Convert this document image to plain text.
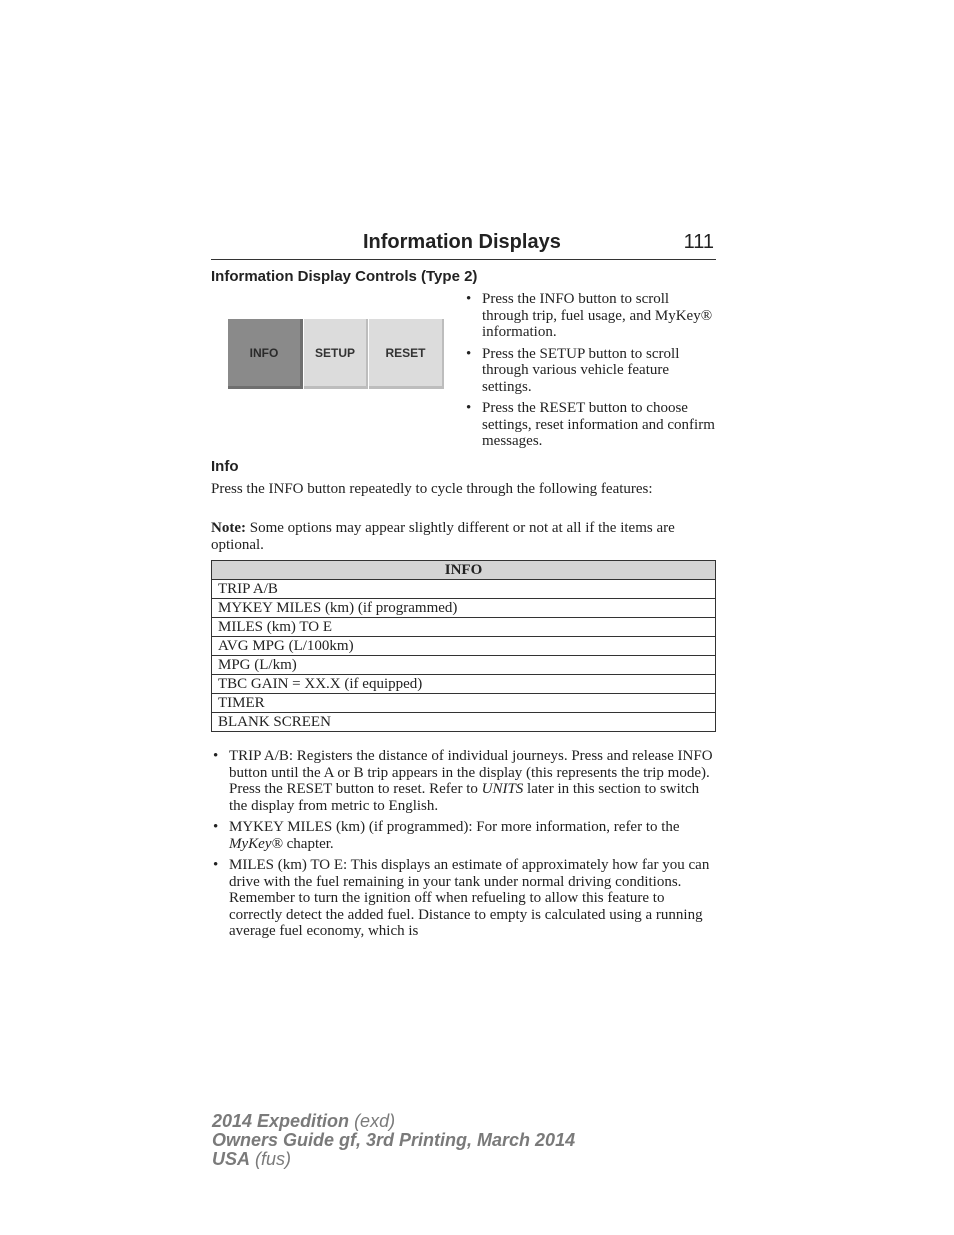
Information Displays	111
Information Display Controls (Type 2)
INFO	SETUP	RESET
• Press the INFO button to scroll through trip, fuel usage, and MyKey® information.
• Press the SETUP button to scroll through various vehicle feature settings.
• Press the RESET button to choose settings, reset information and confirm messages.
Info

Press the INFO button repeatedly to cycle through the following features:

Note: Some options may appear slightly different or not at all if the items are optional.

INFO
TRIP A/B
MYKEY MILES (km) (if programmed)
MILES (km) TO E
AVG MPG (L/100km)
MPG (L/km)
TBC GAIN = XX.X (if equipped)
TIMER
BLANK SCREEN
• TRIP A/B: Registers the distance of individual journeys. Press and release INFO button until the A or B trip appears in the display (this represents the trip mode). Press the RESET button to reset. Refer to UNITS later in this section to switch the display from metric to English.
• MYKEY MILES (km) (if programmed): For more information, refer to the MyKey® chapter.
• MILES (km) TO E: This displays an estimate of approximately how far you can drive with the fuel remaining in your tank under normal driving conditions. Remember to turn the ignition off when refueling to allow this feature to correctly detect the added fuel. Distance to empty is calculated using a running average fuel economy, which is
2014 Expedition (exd)
Owners Guide gf, 3rd Printing, March 2014
USA (fus)
